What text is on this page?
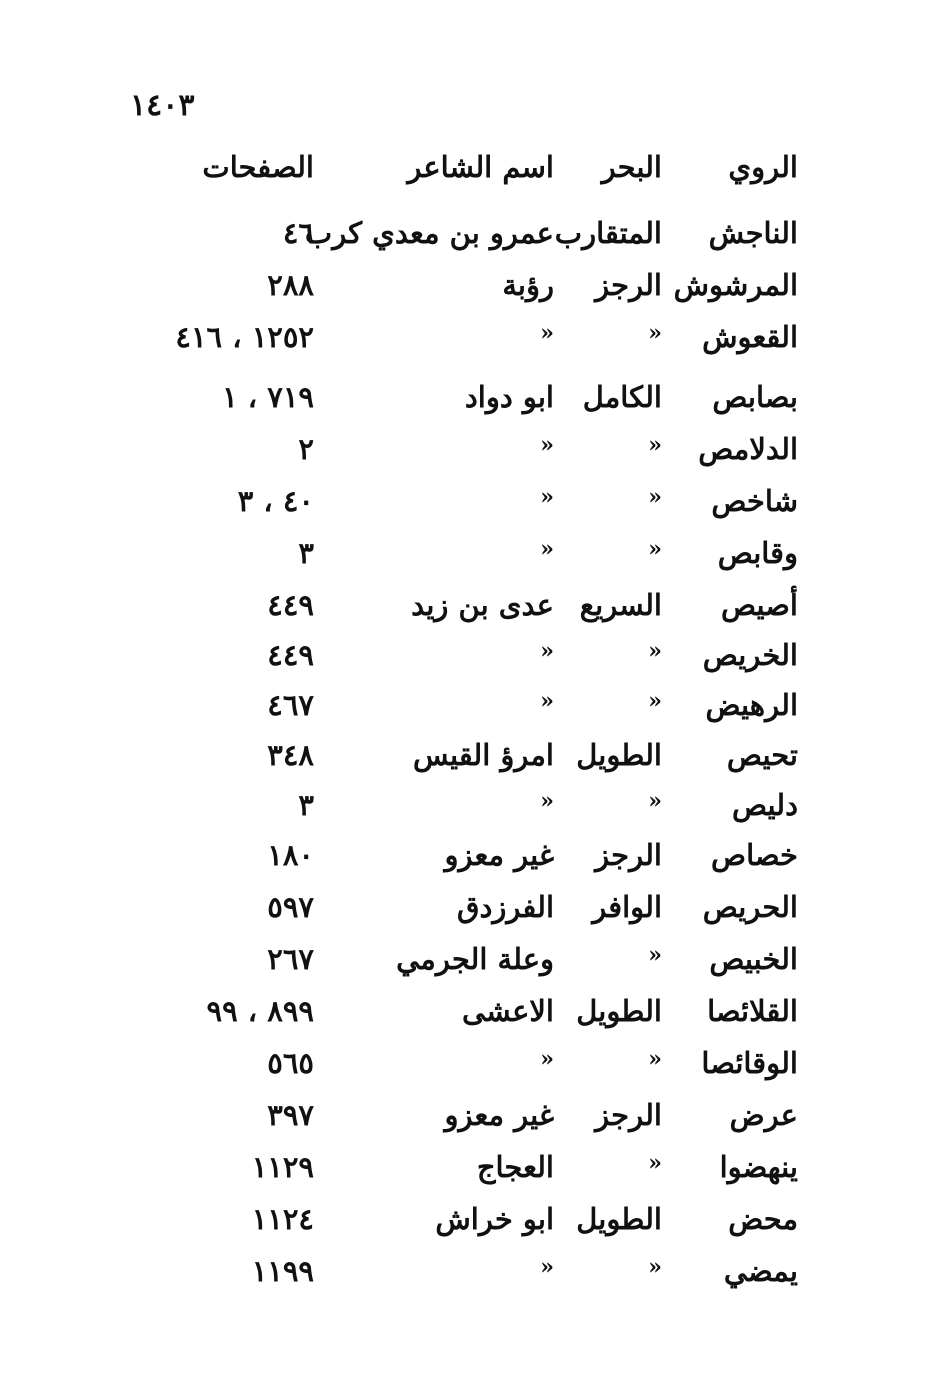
١٤٠٣
الروي
البحر
اسم الشاعر
الصفحات
الناجش
المتقارب
عمرو بن معدي كرب
٤٦
المرشوش
الرجز
رؤبة
٢٨٨
القعوش
«
«
١٢٥٢ ، ٤١٦
بصابص
الكامل
ابو دواد
٧١٩ ، ١
الدلامص
«
«
٢
شاخص
«
«
٤٠ ، ٣
وقابص
«
«
٣
أصيص
السريع
عدى بن زيد
٤٤٩
الخريص
«
«
٤٤٩
الرهيض
«
«
٤٦٧
تحيص
الطويل
امرؤ القيس
٣٤٨
دليص
«
«
٣
خصاص
الرجز
غير معزو
١٨٠
الحريص
الوافر
الفرزدق
٥٩٧
الخبيص
«
وعلة الجرمي
٢٦٧
القلائصا
الطويل
الاعشى
٨٩٩ ، ٩٩
الوقائصا
«
«
٥٦٥
عرض
الرجز
غير معزو
٣٩٧
ينهضوا
«
العجاج
١١٢٩
محض
الطويل
ابو خراش
١١٢٤
يمضي
«
«
١١٩٩
